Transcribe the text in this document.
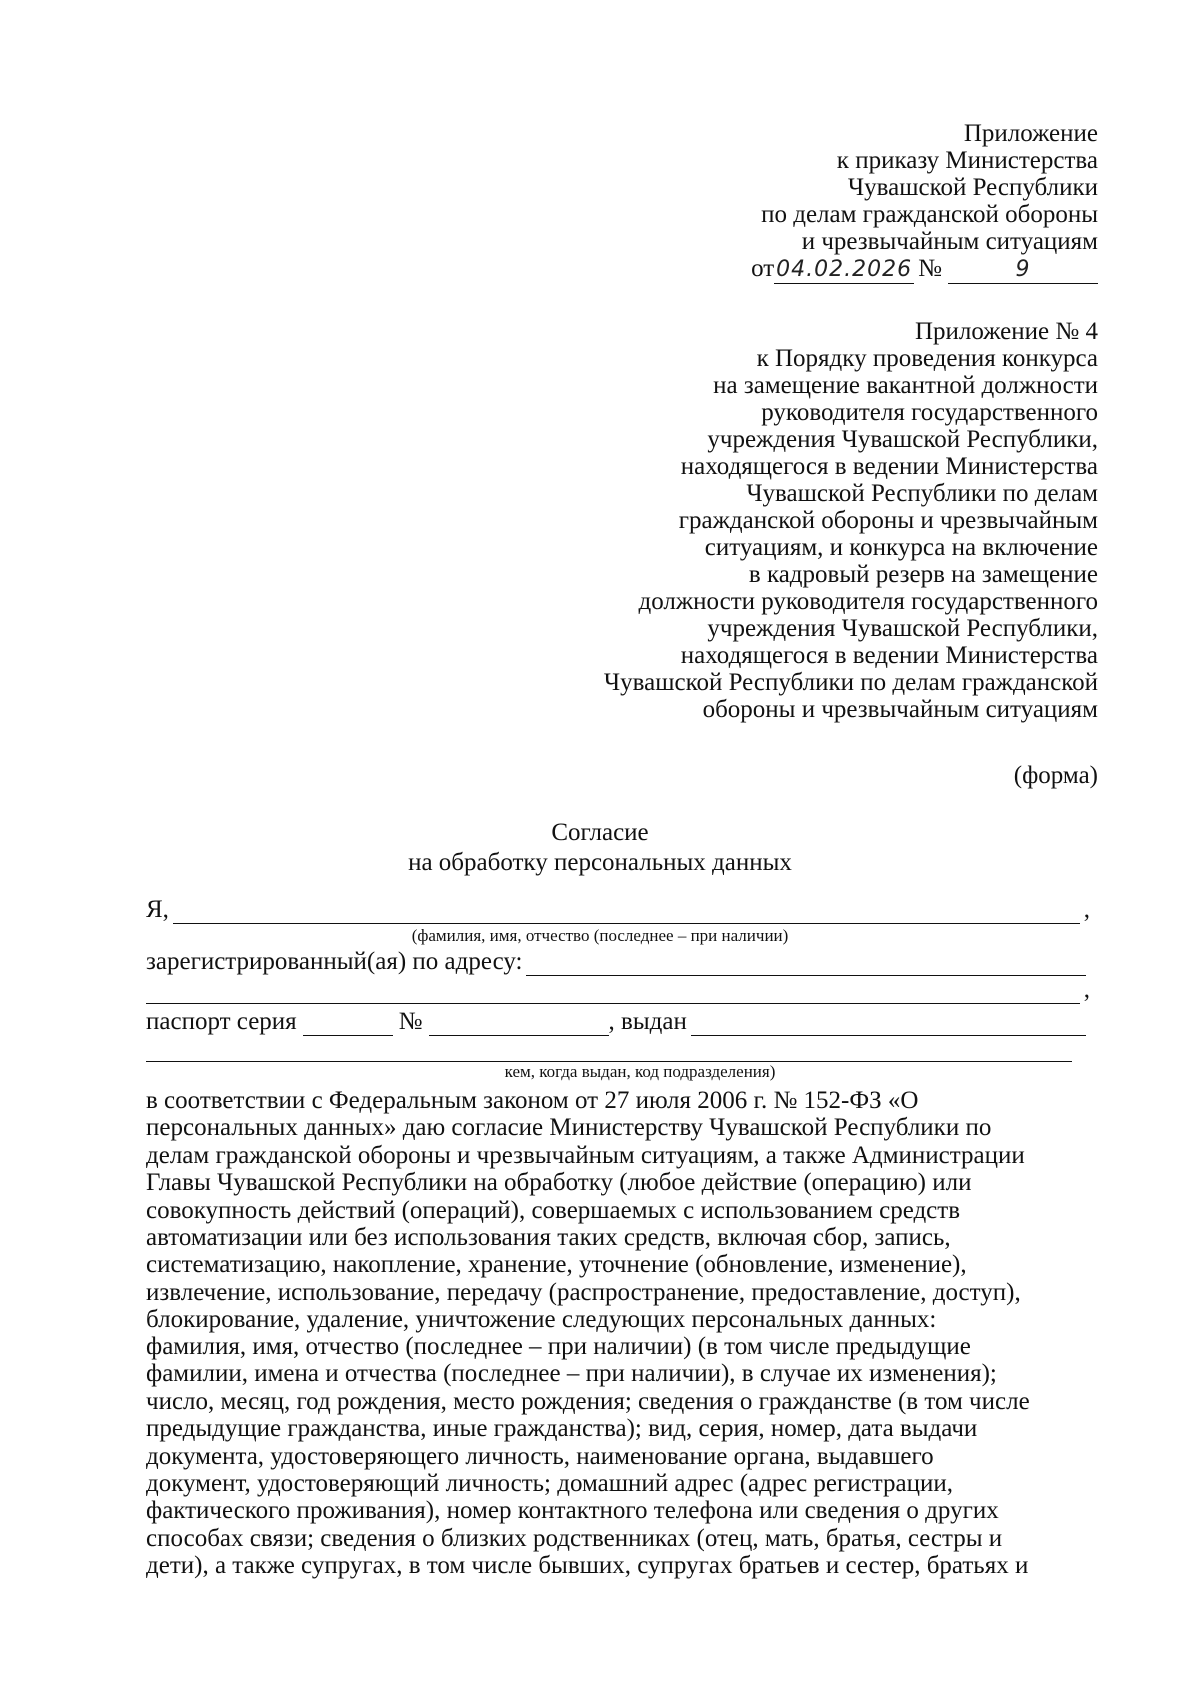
Приложение
к приказу Министерства
Чувашской Республики
по делам гражданской обороны
и чрезвычайным ситуациям
от 04.02.2026 №	9
Приложение № 4
к Порядку проведения конкурса
на замещение вакантной должности
руководителя государственного
учреждения Чувашской Республики,
находящегося в ведении Министерства
Чувашской Республики по делам
гражданской обороны и чрезвычайным
ситуациям, и конкурса на включение
в кадровый резерв на замещение
должности руководителя государственного
учреждения Чувашской Республики,
находящегося в ведении Министерства
Чувашской Республики по делам гражданской
обороны и чрезвычайным ситуациям
(форма)
Согласие
на обработку персональных данных
Я,	,
(фамилия, имя, отчество (последнее – при наличии)
зарегистрированный(ая) по адресу:
,
паспорт серия	№	, выдан
кем, когда выдан, код подразделения)
в соответствии с Федеральным законом от 27 июля 2006 г. № 152-ФЗ «О
персональных данных» даю согласие Министерству Чувашской Республики по
делам гражданской обороны и чрезвычайным ситуациям, а также Администрации
Главы Чувашской Республики на обработку (любое действие (операцию) или
совокупность действий (операций), совершаемых с использованием средств
автоматизации или без использования таких средств, включая сбор, запись,
систематизацию, накопление, хранение, уточнение (обновление, изменение),
извлечение, использование, передачу (распространение, предоставление, доступ),
блокирование, удаление, уничтожение следующих персональных данных:
фамилия, имя, отчество (последнее – при наличии) (в том числе предыдущие
фамилии, имена и отчества (последнее – при наличии), в случае их изменения);
число, месяц, год рождения, место рождения; сведения о гражданстве (в том числе
предыдущие гражданства, иные гражданства); вид, серия, номер, дата выдачи
документа, удостоверяющего личность, наименование органа, выдавшего
документ, удостоверяющий личность; домашний адрес (адрес регистрации,
фактического проживания), номер контактного телефона или сведения о других
способах связи; сведения о близких родственниках (отец, мать, братья, сестры и
дети), а также супругах, в том числе бывших, супругах братьев и сестер, братьях и
